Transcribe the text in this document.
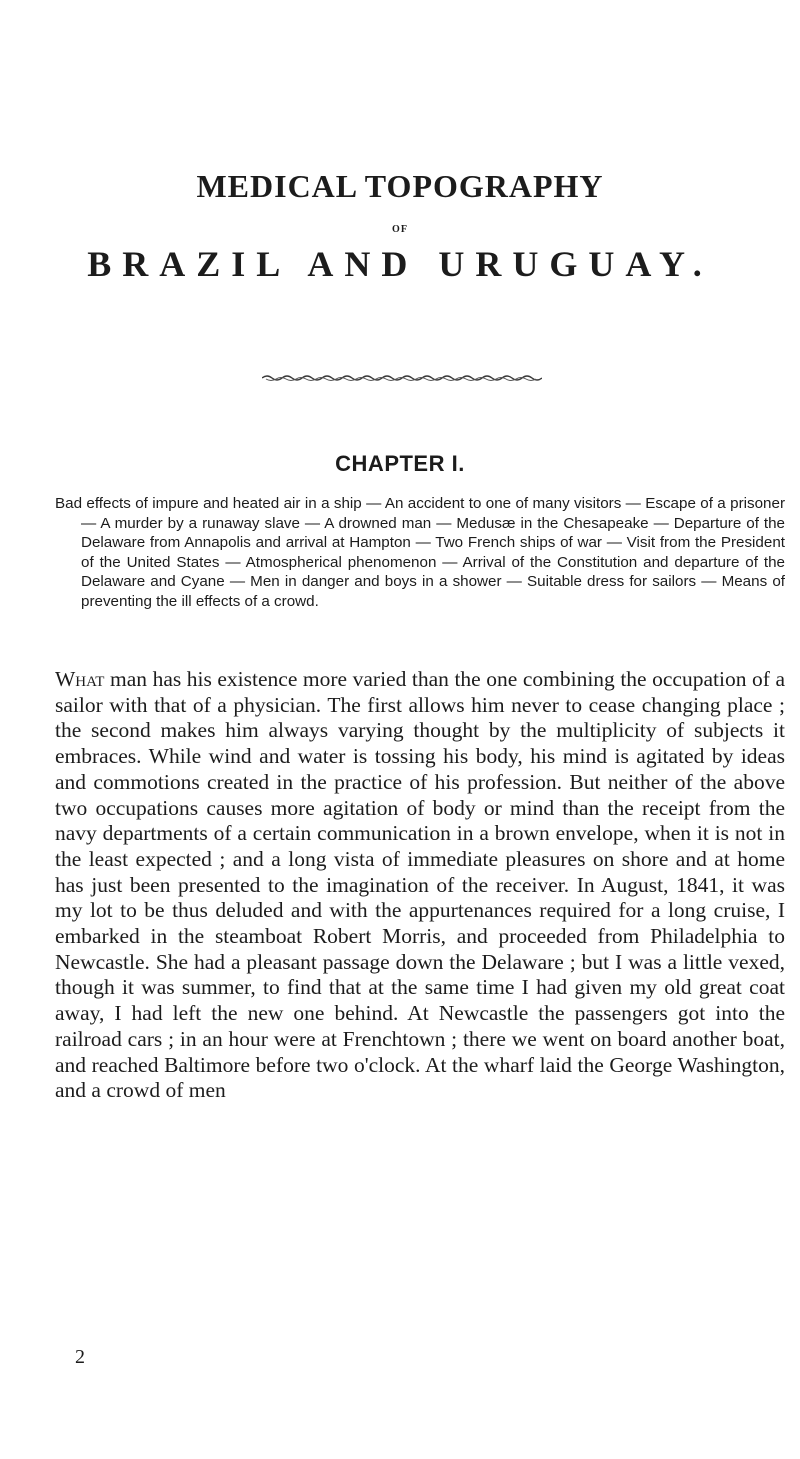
MEDICAL TOPOGRAPHY
OF
BRAZIL AND URUGUAY.
CHAPTER I.

Bad effects of impure and heated air in a ship — An accident to one of many visitors — Escape of a prisoner — A murder by a runaway slave — A drowned man — Medusæ in the Chesapeake — Departure of the Delaware from Annapolis and arrival at Hampton — Two French ships of war — Visit from the President of the United States — Atmospherical phenomenon — Arrival of the Constitution and departure of the Delaware and Cyane — Men in danger and boys in a shower — Suitable dress for sailors — Means of preventing the ill effects of a crowd.

What man has his existence more varied than the one combining the occupation of a sailor with that of a physician. The first allows him never to cease changing place ; the second makes him always varying thought by the multiplicity of subjects it embraces. While wind and water is tossing his body, his mind is agitated by ideas and commotions created in the practice of his profession. But neither of the above two occupations causes more agitation of body or mind than the receipt from the navy departments of a certain communication in a brown envelope, when it is not in the least expected ; and a long vista of immediate pleasures on shore and at home has just been presented to the imagination of the receiver. In August, 1841, it was my lot to be thus deluded and with the appurtenances required for a long cruise, I embarked in the steamboat Robert Morris, and proceeded from Philadelphia to Newcastle. She had a pleasant passage down the Delaware ; but I was a little vexed, though it was summer, to find that at the same time I had given my old great coat away, I had left the new one behind. At Newcastle the passengers got into the railroad cars ; in an hour were at Frenchtown ; there we went on board another boat, and reached Baltimore before two o'clock. At the wharf laid the George Washington, and a crowd of men

2
